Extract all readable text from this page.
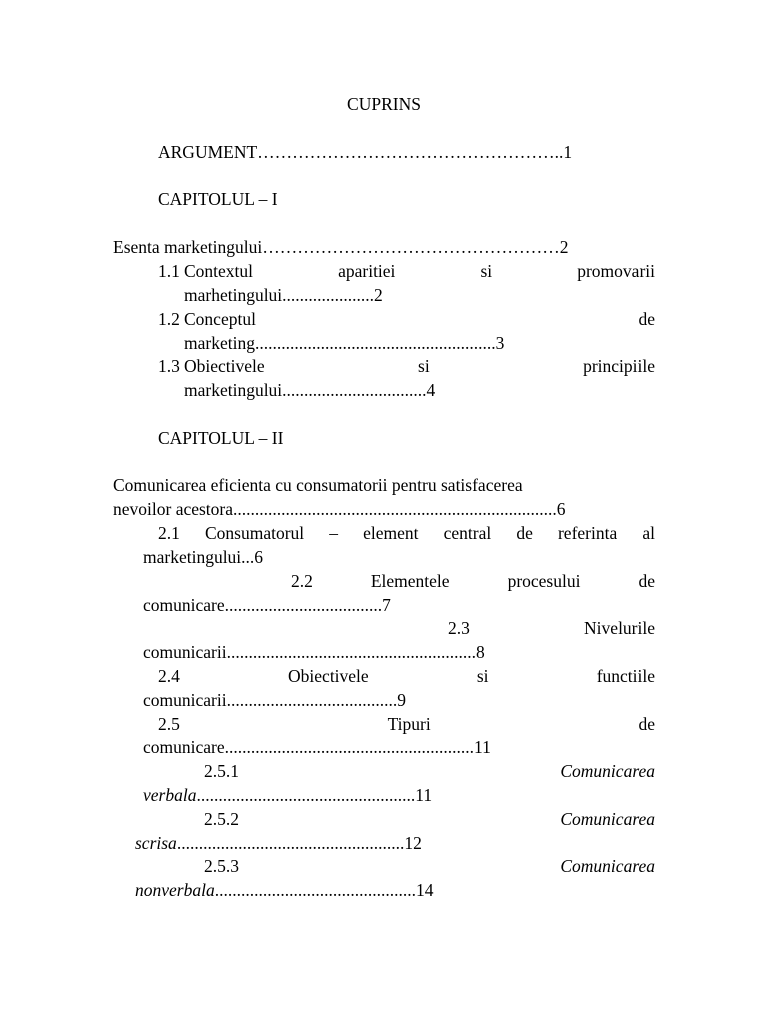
CUPRINS
ARGUMENT……………………………………………..1
CAPITOLUL – I
Esenta marketingului……………………………………………2
1.1 Contextul	aparitiei	si	promovarii
marhetingului.....................2
1.2 Conceptul	de
marketing.......................................................3
1.3 Obiectivele	si	principiile
marketingului.................................4
CAPITOLUL – II
Comunicarea eficienta cu consumatorii pentru satisfacerea
nevoilor acestora..........................................................................6
2.1 Consumatorul – element central de referinta al
marketingului...6
2.2	Elementele	procesului	de
comunicare....................................7
2.3	Nivelurile
comunicarii.........................................................8
2.4	Obiectivele	si	functiile
comunicarii.......................................9
2.5	Tipuri	de
comunicare.........................................................11
2.5.1	Comunicarea
verbala..................................................11
2.5.2	Comunicarea
scrisa....................................................12
2.5.3	Comunicarea
nonverbala..............................................14
